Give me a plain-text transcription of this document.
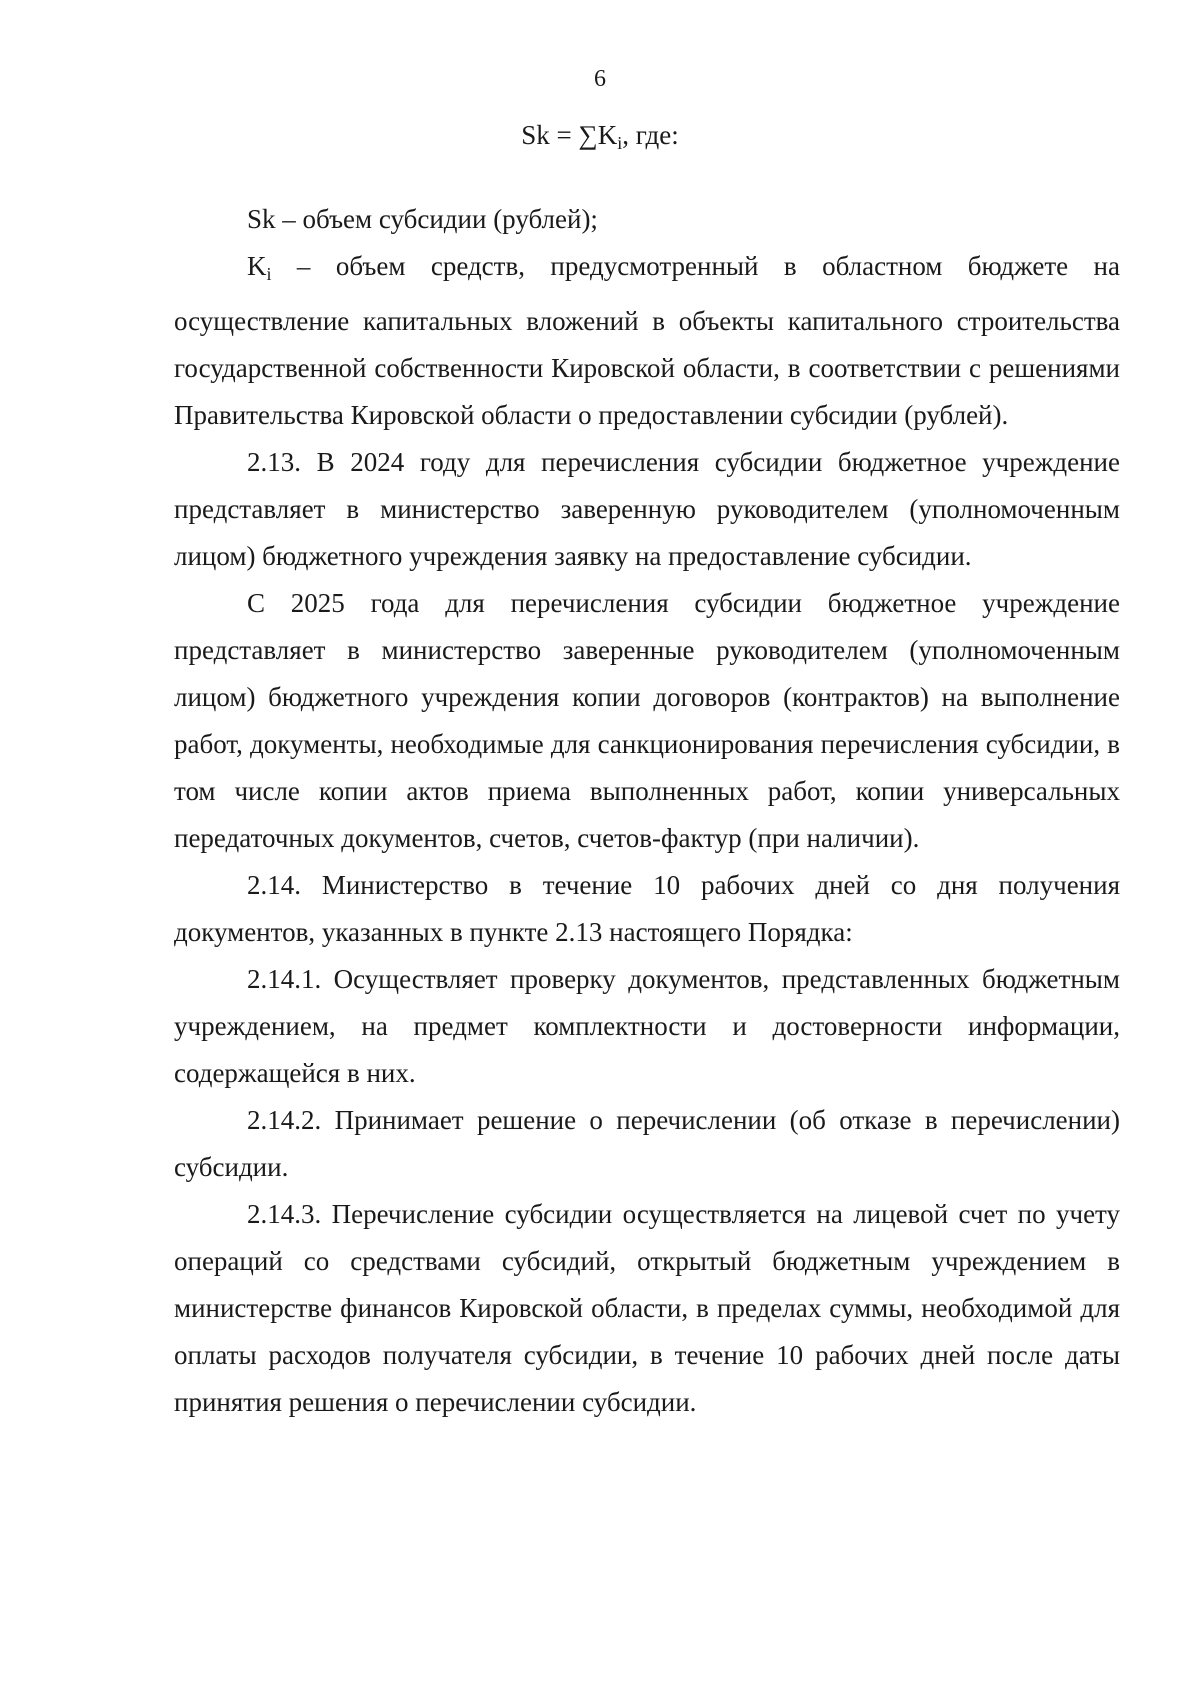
6
$Sk = \sum K_i$, где:

Sk – объем субсидии (рублей);

$K_i$ – объем средств, предусмотренный в областном бюджете на осуществление капитальных вложений в объекты капитального строительства государственной собственности Кировской области, в соответствии с решениями Правительства Кировской области о предоставлении субсидии (рублей).

2.13. В 2024 году для перечисления субсидии бюджетное учреждение представляет в министерство заверенную руководителем (уполномоченным лицом) бюджетного учреждения заявку на предоставление субсидии.

С 2025 года для перечисления субсидии бюджетное учреждение представляет в министерство заверенные руководителем (уполномоченным лицом) бюджетного учреждения копии договоров (контрактов) на выполнение работ, документы, необходимые для санкционирования перечисления субсидии, в том числе копии актов приема выполненных работ, копии универсальных передаточных документов, счетов, счетов-фактур (при наличии).

2.14. Министерство в течение 10 рабочих дней со дня получения документов, указанных в пункте 2.13 настоящего Порядка:

2.14.1. Осуществляет проверку документов, представленных бюджетным учреждением, на предмет комплектности и достоверности информации, содержащейся в них.

2.14.2. Принимает решение о перечислении (об отказе в перечислении) субсидии.

2.14.3. Перечисление субсидии осуществляется на лицевой счет по учету операций со средствами субсидий, открытый бюджетным учреждением в министерстве финансов Кировской области, в пределах суммы, необходимой для оплаты расходов получателя субсидии, в течение 10 рабочих дней после даты принятия решения о перечислении субсидии.
